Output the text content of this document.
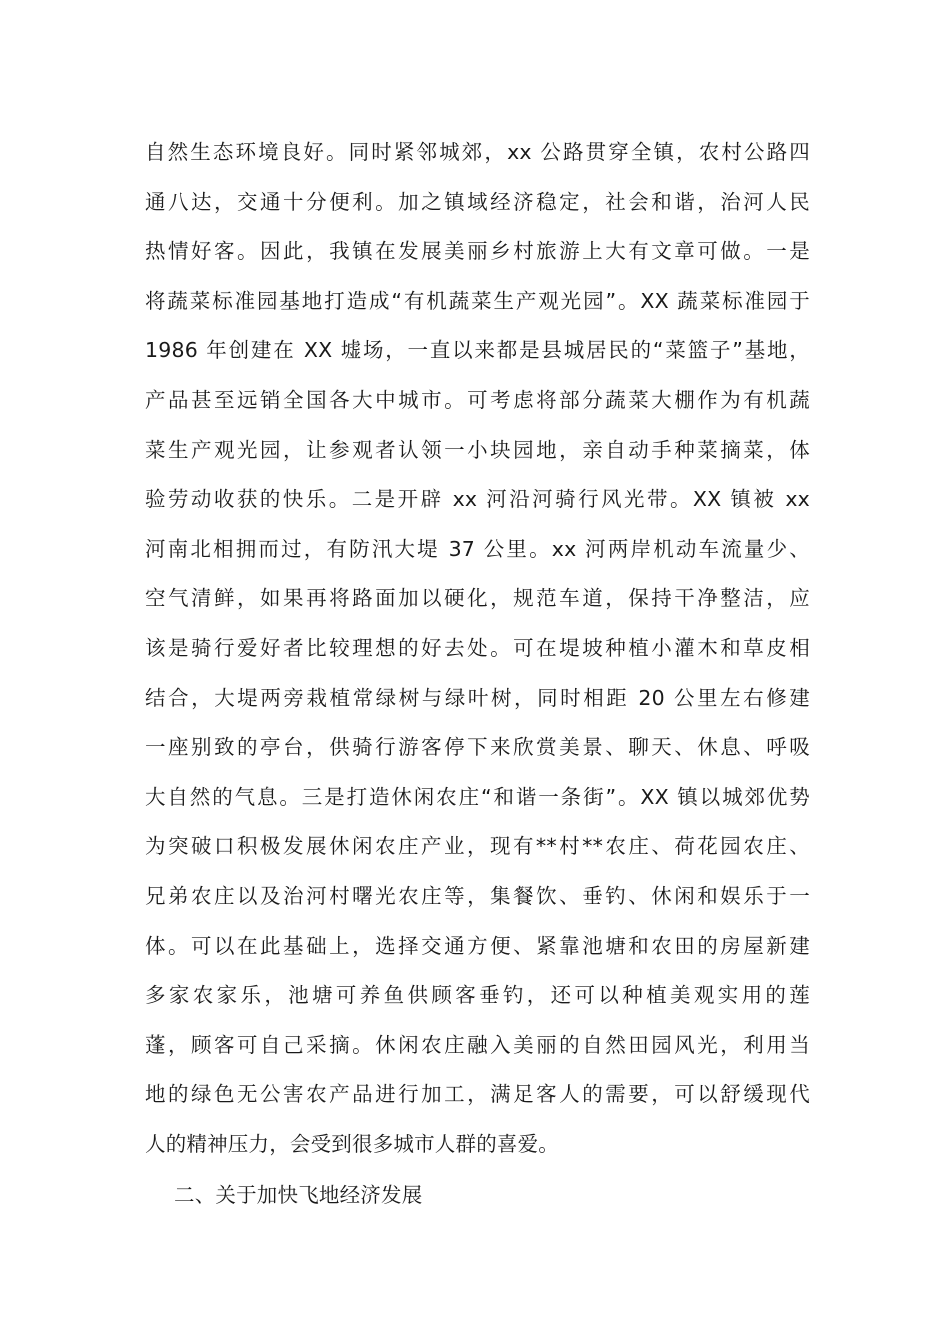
自然生态环境良好。同时紧邻城郊，xx 公路贯穿全镇，农村公路四
通八达，交通十分便利。加之镇域经济稳定，社会和谐，治河人民
热情好客。因此，我镇在发展美丽乡村旅游上大有文章可做。一是
将蔬菜标准园基地打造成“有机蔬菜生产观光园”。XX 蔬菜标准园于
1986 年创建在 XX 墟场，一直以来都是县城居民的“菜篮子”基地，
产品甚至远销全国各大中城市。可考虑将部分蔬菜大棚作为有机蔬
菜生产观光园，让参观者认领一小块园地，亲自动手种菜摘菜，体
验劳动收获的快乐。二是开辟 xx 河沿河骑行风光带。XX 镇被 xx
河南北相拥而过，有防汛大堤 37 公里。xx 河两岸机动车流量少、
空气清鲜，如果再将路面加以硬化，规范车道，保持干净整洁，应
该是骑行爱好者比较理想的好去处。可在堤坡种植小灌木和草皮相
结合，大堤两旁栽植常绿树与绿叶树，同时相距 20 公里左右修建
一座别致的亭台，供骑行游客停下来欣赏美景、聊天、休息、呼吸
大自然的气息。三是打造休闲农庄“和谐一条街”。XX 镇以城郊优势
为突破口积极发展休闲农庄产业，现有**村**农庄、荷花园农庄、
兄弟农庄以及治河村曙光农庄等，集餐饮、垂钓、休闲和娱乐于一
体。可以在此基础上，选择交通方便、紧靠池塘和农田的房屋新建
多家农家乐，池塘可养鱼供顾客垂钓，还可以种植美观实用的莲
蓬，顾客可自己采摘。休闲农庄融入美丽的自然田园风光，利用当
地的绿色无公害农产品进行加工，满足客人的需要，可以舒缓现代
人的精神压力，会受到很多城市人群的喜爱。
二、关于加快飞地经济发展
